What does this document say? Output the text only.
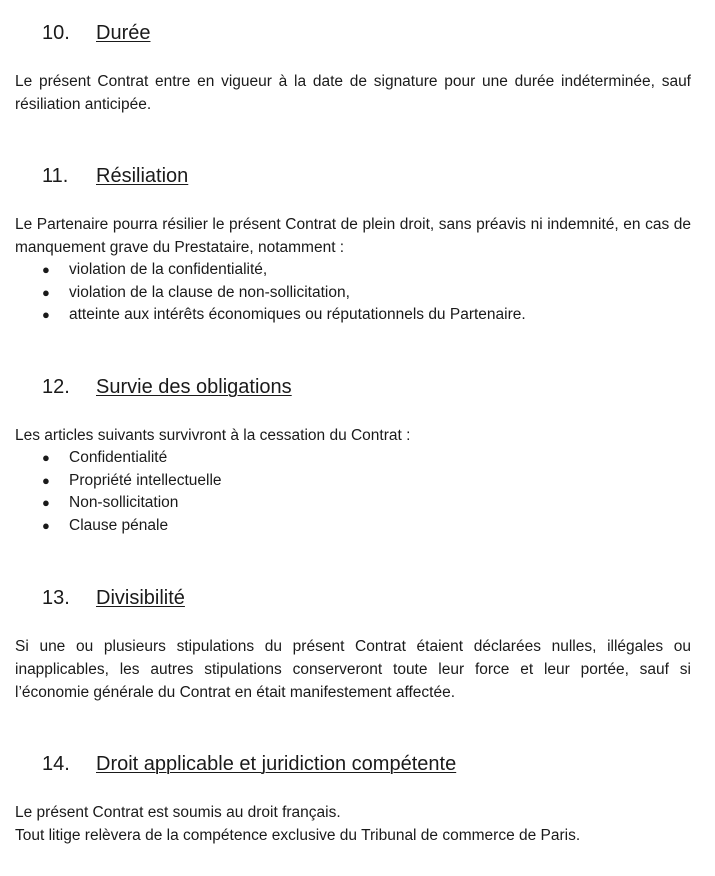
10.	Durée

Le présent Contrat entre en vigueur à la date de signature pour une durée indéterminée, sauf résiliation anticipée.

11.	Résiliation

Le Partenaire pourra résilier le présent Contrat de plein droit, sans préavis ni indemnité, en cas de manquement grave du Prestataire, notamment :

●	violation de la confidentialité,
●	violation de la clause de non-sollicitation,
●	atteinte aux intérêts économiques ou réputationnels du Partenaire.
12.	Survie des obligations

Les articles suivants survivront à la cessation du Contrat :

●	Confidentialité
●	Propriété intellectuelle
●	Non-sollicitation
●	Clause pénale
13.	Divisibilité

Si une ou plusieurs stipulations du présent Contrat étaient déclarées nulles, illégales ou inapplicables, les autres stipulations conserveront toute leur force et leur portée, sauf si l’économie générale du Contrat en était manifestement affectée.

14.	Droit applicable et juridiction compétente

Le présent Contrat est soumis au droit français.

Tout litige relèvera de la compétence exclusive du Tribunal de commerce de Paris.
